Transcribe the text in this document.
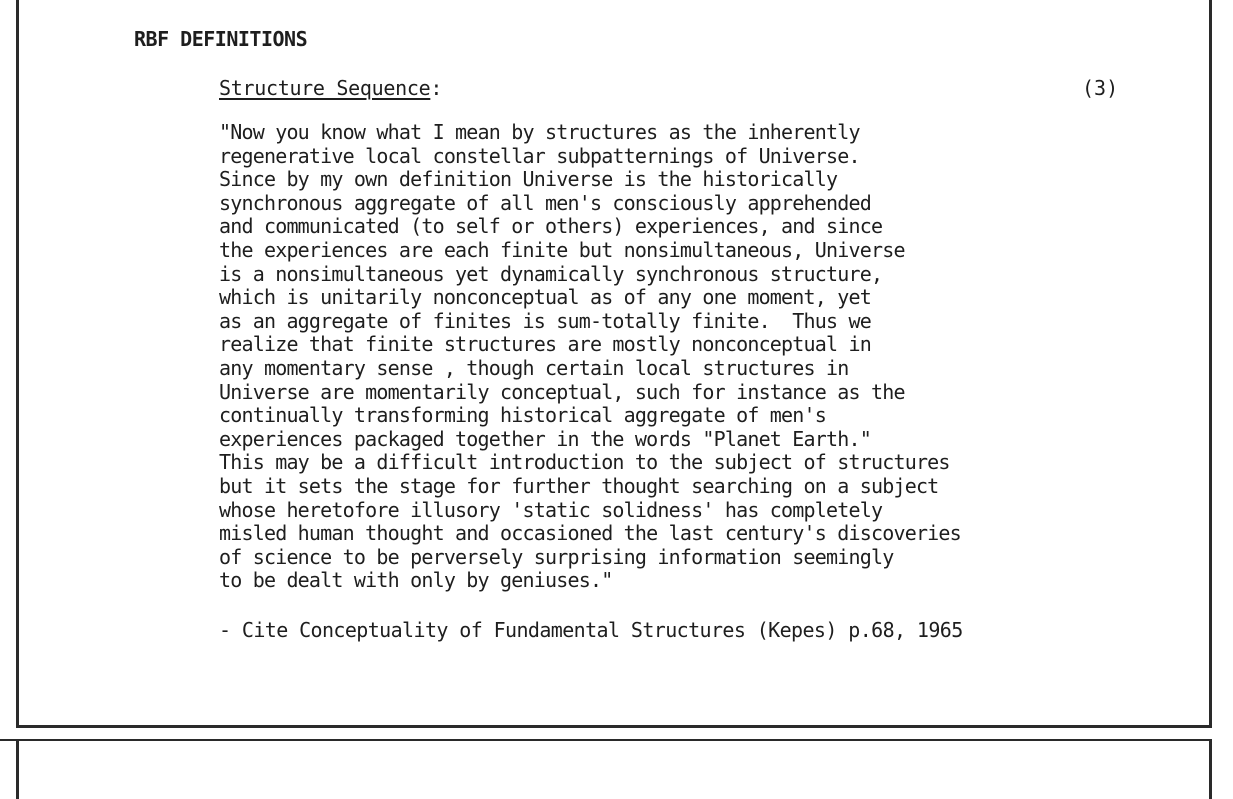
RBF DEFINITIONS
Structure Sequence:	(3)
"Now you know what I mean by structures as the inherently
regenerative local constellar subpatternings of Universe.
Since by my own definition Universe is the historically
synchronous aggregate of all men's consciously apprehended
and communicated (to self or others) experiences, and since
the experiences are each finite but nonsimultaneous, Universe
is a nonsimultaneous yet dynamically synchronous structure,
which is unitarily nonconceptual as of any one moment, yet
as an aggregate of finites is sum-totally finite.  Thus we
realize that finite structures are mostly nonconceptual in
any momentary sense , though certain local structures in
Universe are momentarily conceptual, such for instance as the
continually transforming historical aggregate of men's
experiences packaged together in the words "Planet Earth."
This may be a difficult introduction to the subject of structures
but it sets the stage for further thought searching on a subject
whose heretofore illusory 'static solidness' has completely
misled human thought and occasioned the last century's discoveries
of science to be perversely surprising information seemingly
to be dealt with only by geniuses."
- Cite Conceptuality of Fundamental Structures (Kepes) p.68, 1965
